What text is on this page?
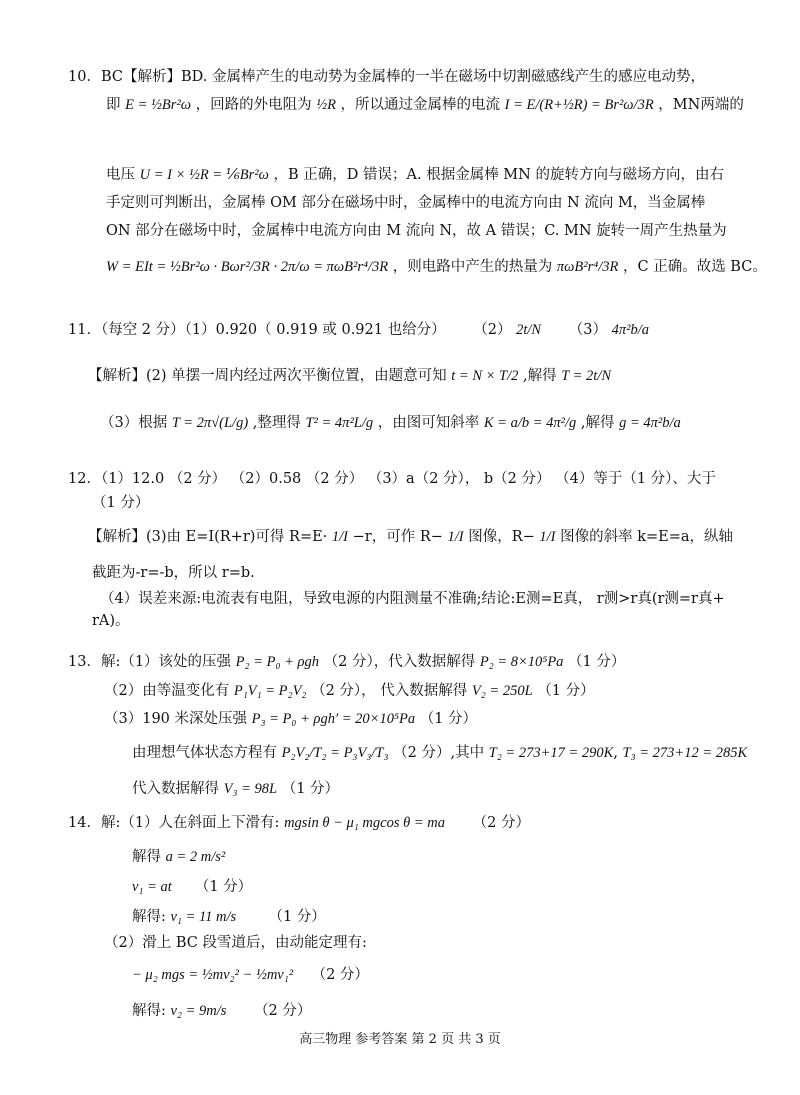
10．BC【解析】BD. 金属棒产生的电动势为金属棒的一半在磁场中切割磁感线产生的感应电动势，
即 E = ½Br²ω ，回路的外电阻为 ½R ，所以通过金属棒的电流 I = E/(R+½R) = Br²ω/3R ，MN两端的
电压 U = I × ½R = ⅙Br²ω ，B 正确，D 错误；A. 根据金属棒 MN 的旋转方向与磁场方向，由右
手定则可判断出，金属棒 OM 部分在磁场中时，金属棒中的电流方向由 N 流向 M，当金属棒
ON 部分在磁场中时，金属棒中电流方向由 M 流向 N，故 A 错误；C. MN 旋转一周产生热量为
W = EIt = ½Br²ω · Bωr²/3R · 2π/ω = πωB²r⁴/3R ，则电路中产生的热量为 πωB²r⁴/3R ，C 正确。故选 BC。
11．（每空 2 分）（1）0.920（ 0.919 或 0.921 也给分） （2） 2t/N （3） 4π²b/a
【解析】(2) 单摆一周内经过两次平衡位置，由题意可知 t = N × T/2 ,解得 T = 2t/N
（3）根据 T = 2π√(L/g) ,整理得 T² = 4π²L/g ，由图可知斜率 K = a/b = 4π²/g ,解得 g = 4π²b/a
12．（1）12.0 （2 分） （2）0.58 （2 分） （3）a（2 分）， b（2 分） （4）等于（1 分）、大于
（1 分）
【解析】(3)由 E=I(R+r)可得 R=E· 1/I −r，可作 R− 1/I 图像，R− 1/I 图像的斜率 k=E=a，纵轴
截距为-r=-b，所以 r=b.
（4）误差来源:电流表有电阻，导致电源的内阻测量不准确;结论:E测=E真， r测>r真(r测=r真+
rA)。
13．解:（1）该处的压强 P₂ = P₀ + ρgh （2 分），代入数据解得 P₂ = 8×10⁵Pa （1 分）
（2）由等温变化有 P₁V₁ = P₂V₂ （2 分）， 代入数据解得 V₂ = 250L （1 分）
（3）190 米深处压强 P₃ = P₀ + ρgh′ = 20×10⁵Pa （1 分）
由理想气体状态方程有 P₂V₂/T₂ = P₃V₃/T₃ （2 分）,其中 T₂ = 273+17 = 290K, T₃ = 273+12 = 285K
代入数据解得 V₃ = 98L （1 分）
14．解:（1）人在斜面上下滑有: mgsin θ − μ₁ mgcos θ = ma （2 分）
解得 a = 2 m/s²
v₁ = at （1 分）
解得: v₁ = 11 m/s （1 分）
（2）滑上 BC 段雪道后，由动能定理有:
− μ₂ mgs = ½mv₂² − ½mv₁² （2 分）
解得: v₂ = 9m/s （2 分）
高三物理 参考答案 第 2 页 共 3 页
